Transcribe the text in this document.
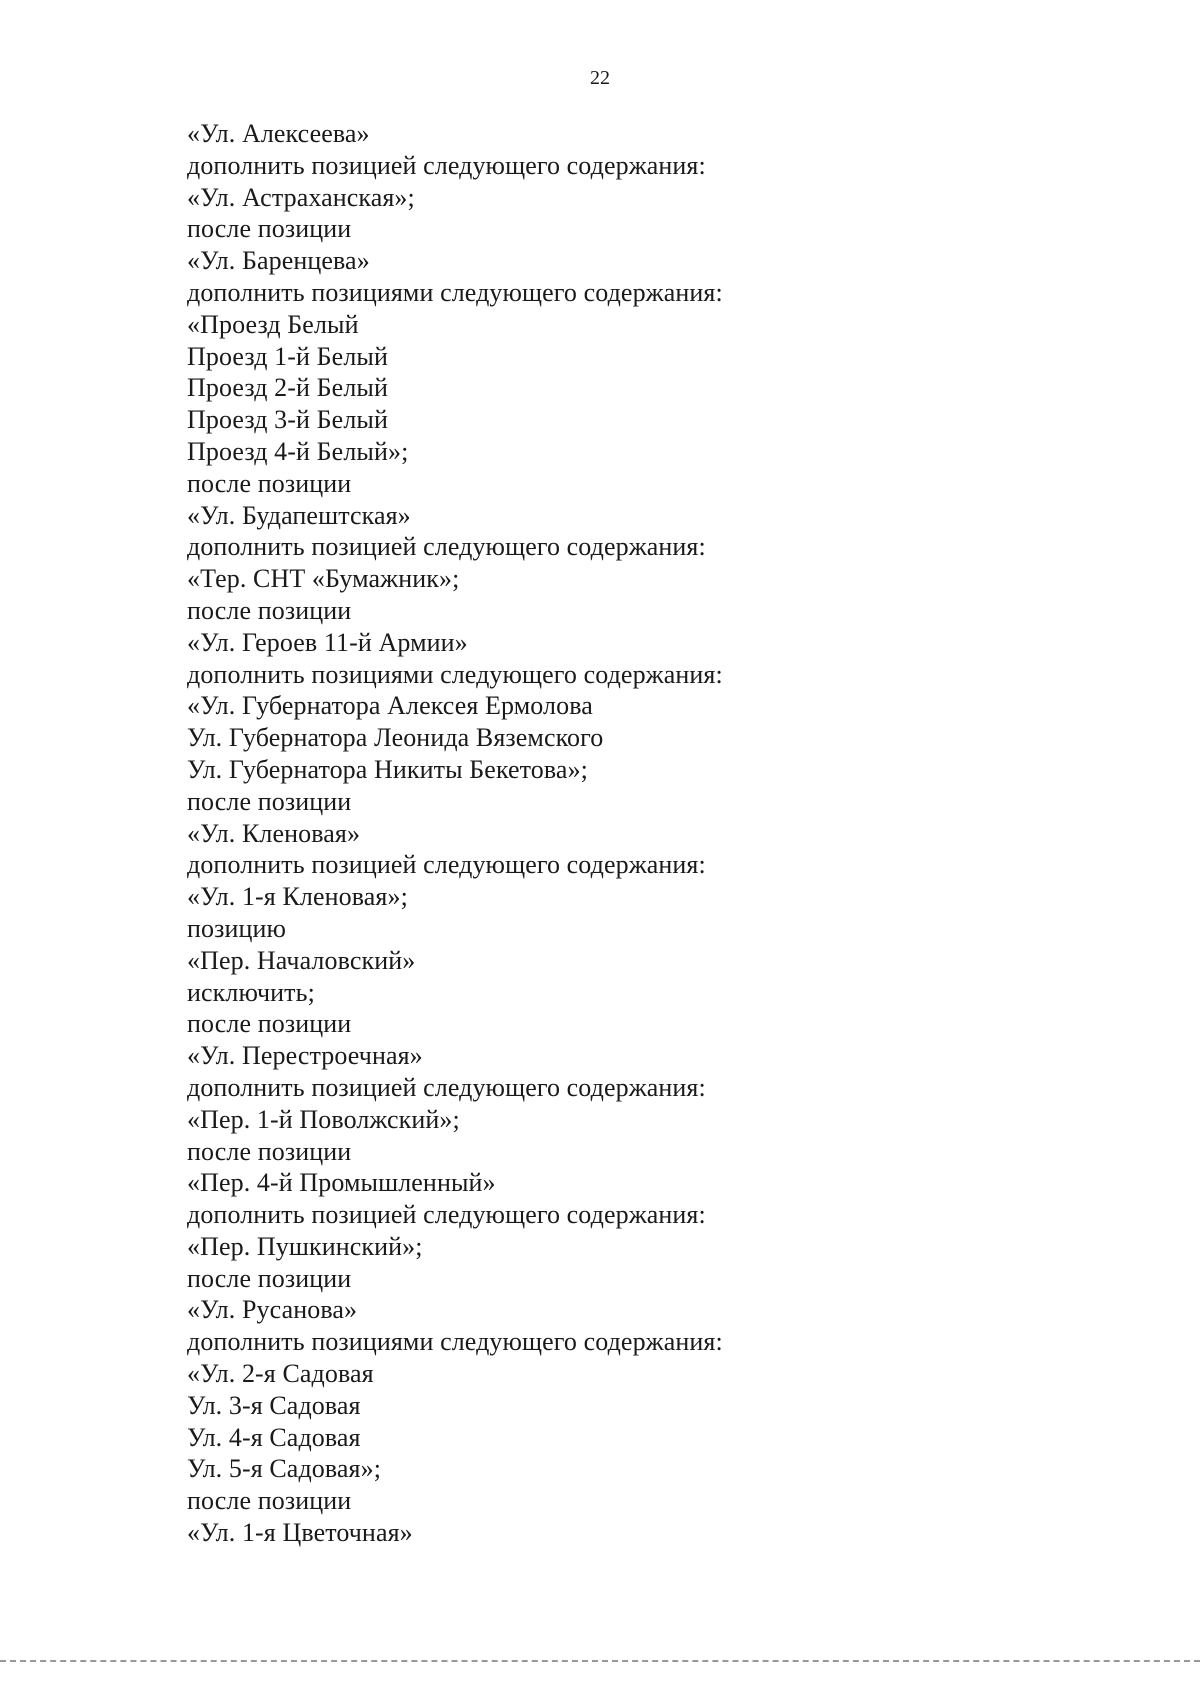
22
«Ул. Алексеева»
дополнить позицией следующего содержания:
«Ул. Астраханская»;
после позиции
«Ул. Баренцева»
дополнить позициями следующего содержания:
«Проезд Белый
Проезд 1-й Белый
Проезд 2-й Белый
Проезд 3-й Белый
Проезд 4-й Белый»;
после позиции
«Ул. Будапештская»
дополнить позицией следующего содержания:
«Тер. СНТ «Бумажник»;
после позиции
«Ул. Героев 11-й Армии»
дополнить позициями следующего содержания:
«Ул. Губернатора Алексея Ермолова
Ул. Губернатора Леонида Вяземского
Ул. Губернатора Никиты Бекетова»;
после позиции
«Ул. Кленовая»
дополнить позицией следующего содержания:
«Ул. 1-я Кленовая»;
позицию
«Пер. Началовский»
исключить;
после позиции
«Ул. Перестроечная»
дополнить позицией следующего содержания:
«Пер. 1-й Поволжский»;
после позиции
«Пер. 4-й Промышленный»
дополнить позицией следующего содержания:
«Пер. Пушкинский»;
после позиции
«Ул. Русанова»
дополнить позициями следующего содержания:
«Ул. 2-я Садовая
Ул. 3-я Садовая
Ул. 4-я Садовая
Ул. 5-я Садовая»;
после позиции
«Ул. 1-я Цветочная»
